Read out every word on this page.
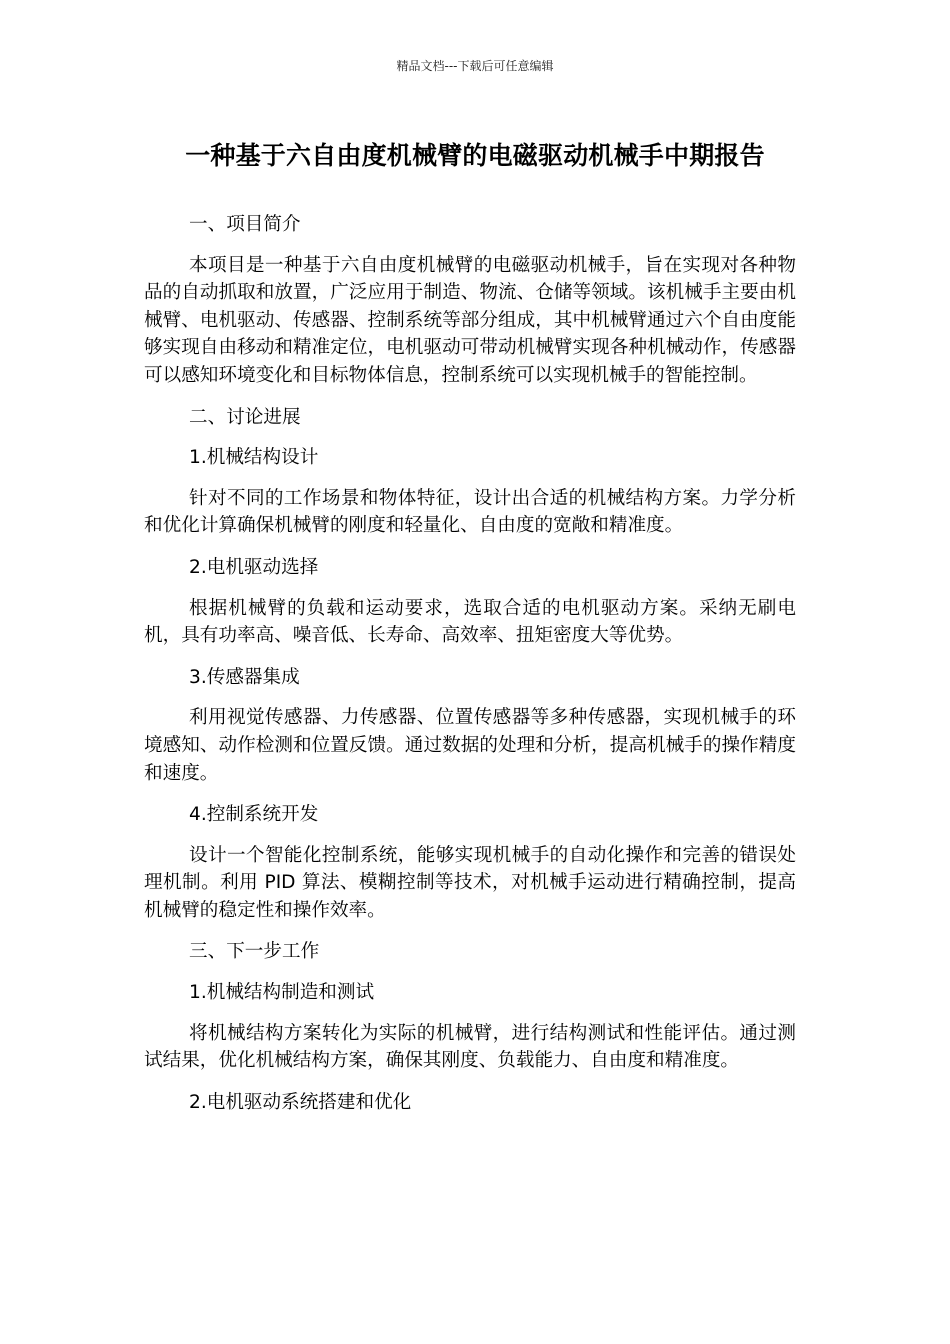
精品文档---下载后可任意编辑
一种基于六自由度机械臂的电磁驱动机械手中期报告

一、项目简介

本项目是一种基于六自由度机械臂的电磁驱动机械手，旨在实现对各种物品的自动抓取和放置，广泛应用于制造、物流、仓储等领域。该机械手主要由机械臂、电机驱动、传感器、控制系统等部分组成，其中机械臂通过六个自由度能够实现自由移动和精准定位，电机驱动可带动机械臂实现各种机械动作，传感器可以感知环境变化和目标物体信息，控制系统可以实现机械手的智能控制。

二、讨论进展

1.机械结构设计

针对不同的工作场景和物体特征，设计出合适的机械结构方案。力学分析和优化计算确保机械臂的刚度和轻量化、自由度的宽敞和精准度。

2.电机驱动选择

根据机械臂的负载和运动要求，选取合适的电机驱动方案。采纳无刷电机，具有功率高、噪音低、长寿命、高效率、扭矩密度大等优势。

3.传感器集成

利用视觉传感器、力传感器、位置传感器等多种传感器，实现机械手的环境感知、动作检测和位置反馈。通过数据的处理和分析，提高机械手的操作精度和速度。

4.控制系统开发

设计一个智能化控制系统，能够实现机械手的自动化操作和完善的错误处理机制。利用 PID 算法、模糊控制等技术，对机械手运动进行精确控制，提高机械臂的稳定性和操作效率。

三、下一步工作

1.机械结构制造和测试

将机械结构方案转化为实际的机械臂，进行结构测试和性能评估。通过测试结果，优化机械结构方案，确保其刚度、负载能力、自由度和精准度。

2.电机驱动系统搭建和优化
